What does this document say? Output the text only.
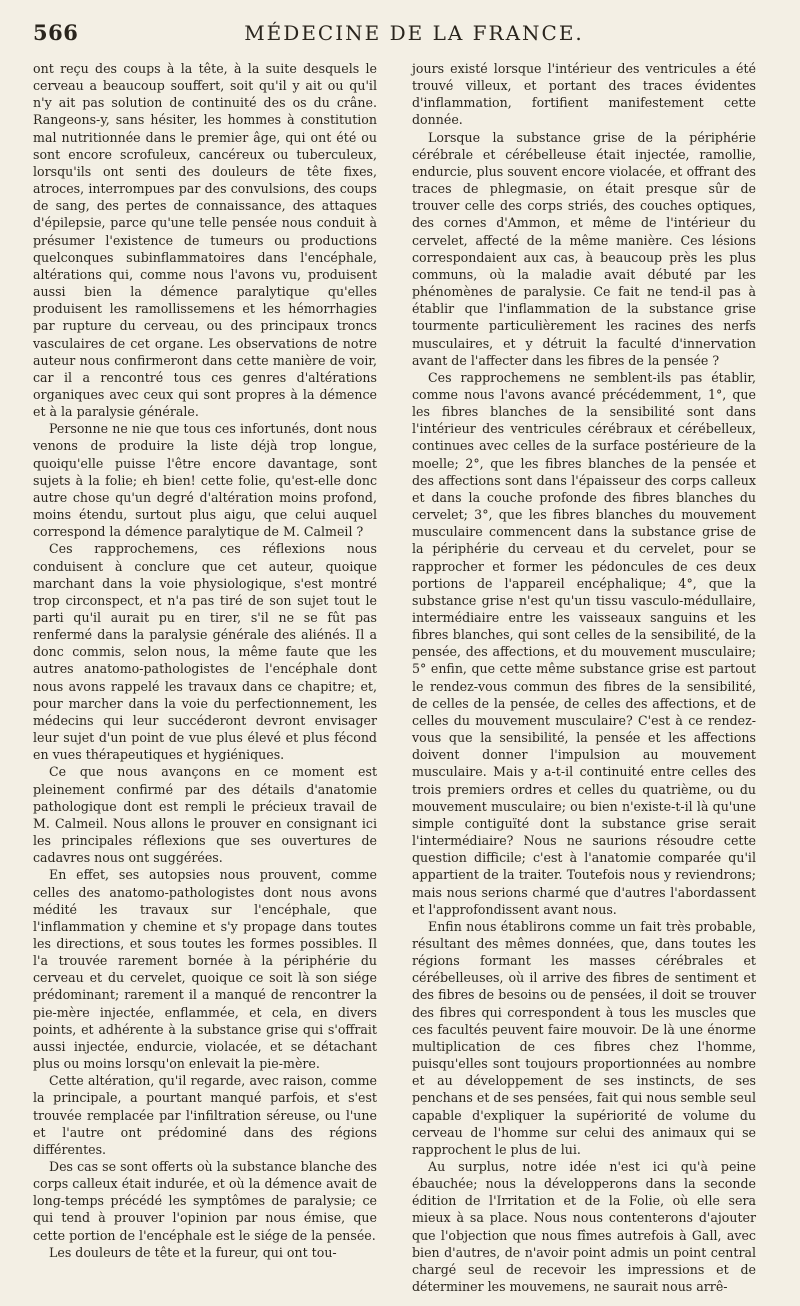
566	MÉDECINE DE LA FRANCE.

ont reçu des coups à la tête, à la suite desquels le cerveau a beaucoup souffert, soit qu'il y ait ou qu'il n'y ait pas solution de continuité des os du crâne. Rangeons-y, sans hésiter, les hommes à constitution mal nutritionnée dans le premier âge, qui ont été ou sont encore scrofuleux, cancéreux ou tuberculeux, lorsqu'ils ont senti des douleurs de tête fixes, atroces, interrompues par des convulsions, des coups de sang, des pertes de connaissance, des attaques d'épilepsie, parce qu'une telle pensée nous conduit à présumer l'existence de tumeurs ou productions quelconques subinflammatoires dans l'encéphale, altérations qui, comme nous l'avons vu, produisent aussi bien la démence paralytique qu'elles produisent les ramollissemens et les hémorrhagies par rupture du cerveau, ou des principaux troncs vasculaires de cet organe. Les observations de notre auteur nous confirmeront dans cette manière de voir, car il a rencontré tous ces genres d'altérations organiques avec ceux qui sont propres à la démence et à la paralysie générale.

Personne ne nie que tous ces infortunés, dont nous venons de produire la liste déjà trop longue, quoiqu'elle puisse l'être encore davantage, sont sujets à la folie; eh bien! cette folie, qu'est-elle donc autre chose qu'un degré d'altération moins profond, moins étendu, surtout plus aigu, que celui auquel correspond la démence paralytique de M. Calmeil ?

Ces rapprochemens, ces réflexions nous conduisent à conclure que cet auteur, quoique marchant dans la voie physiologique, s'est montré trop circonspect, et n'a pas tiré de son sujet tout le parti qu'il aurait pu en tirer, s'il ne se fût pas renfermé dans la paralysie générale des aliénés. Il a donc commis, selon nous, la même faute que les autres anatomo-pathologistes de l'encéphale dont nous avons rappelé les travaux dans ce chapitre; et, pour marcher dans la voie du perfectionnement, les médecins qui leur succéderont devront envisager leur sujet d'un point de vue plus élevé et plus fécond en vues thérapeutiques et hygiéniques.

Ce que nous avançons en ce moment est pleinement confirmé par des détails d'anatomie pathologique dont est rempli le précieux travail de M. Calmeil. Nous allons le prouver en consignant ici les principales réflexions que ses ouvertures de cadavres nous ont suggérées.

En effet, ses autopsies nous prouvent, comme celles des anatomo-pathologistes dont nous avons médité les travaux sur l'encéphale, que l'inflammation y chemine et s'y propage dans toutes les directions, et sous toutes les formes possibles. Il l'a trouvée rarement bornée à la périphérie du cerveau et du cervelet, quoique ce soit là son siége prédominant; rarement il a manqué de rencontrer la pie-mère injectée, enflammée, et cela, en divers points, et adhérente à la substance grise qui s'offrait aussi injectée, endurcie, violacée, et se détachant plus ou moins lorsqu'on enlevait la pie-mère.

Cette altération, qu'il regarde, avec raison, comme la principale, a pourtant manqué parfois, et s'est trouvée remplacée par l'infiltration séreuse, ou l'une et l'autre ont prédominé dans des régions différentes.

Des cas se sont offerts où la substance blanche des corps calleux était indurée, et où la démence avait de long-temps précédé les symptômes de paralysie; ce qui tend à prouver l'opinion par nous émise, que cette portion de l'encéphale est le siége de la pensée.

Les douleurs de tête et la fureur, qui ont tou-

jours existé lorsque l'intérieur des ventricules a été trouvé villeux, et portant des traces évidentes d'inflammation, fortifient manifestement cette donnée.

Lorsque la substance grise de la périphérie cérébrale et cérébelleuse était injectée, ramollie, endurcie, plus souvent encore violacée, et offrant des traces de phlegmasie, on était presque sûr de trouver celle des corps striés, des couches optiques, des cornes d'Ammon, et même de l'intérieur du cervelet, affecté de la même manière. Ces lésions correspondaient aux cas, à beaucoup près les plus communs, où la maladie avait débuté par les phénomènes de paralysie. Ce fait ne tend-il pas à établir que l'inflammation de la substance grise tourmente particulièrement les racines des nerfs musculaires, et y détruit la faculté d'innervation avant de l'affecter dans les fibres de la pensée ?

Ces rapprochemens ne semblent-ils pas établir, comme nous l'avons avancé précédemment, 1°, que les fibres blanches de la sensibilité sont dans l'intérieur des ventricules cérébraux et cérébelleux, continues avec celles de la surface postérieure de la moelle; 2°, que les fibres blanches de la pensée et des affections sont dans l'épaisseur des corps calleux et dans la couche profonde des fibres blanches du cervelet; 3°, que les fibres blanches du mouvement musculaire commencent dans la substance grise de la périphérie du cerveau et du cervelet, pour se rapprocher et former les pédoncules de ces deux portions de l'appareil encéphalique; 4°, que la substance grise n'est qu'un tissu vasculo-médullaire, intermédiaire entre les vaisseaux sanguins et les fibres blanches, qui sont celles de la sensibilité, de la pensée, des affections, et du mouvement musculaire; 5° enfin, que cette même substance grise est partout le rendez-vous commun des fibres de la sensibilité, de celles de la pensée, de celles des affections, et de celles du mouvement musculaire? C'est à ce rendez-vous que la sensibilité, la pensée et les affections doivent donner l'impulsion au mouvement musculaire. Mais y a-t-il continuité entre celles des trois premiers ordres et celles du quatrième, ou du mouvement musculaire; ou bien n'existe-t-il là qu'une simple contiguïté dont la substance grise serait l'intermédiaire? Nous ne saurions résoudre cette question difficile; c'est à l'anatomie comparée qu'il appartient de la traiter. Toutefois nous y reviendrons; mais nous serions charmé que d'autres l'abordassent et l'approfondissent avant nous.

Enfin nous établirons comme un fait très probable, résultant des mêmes données, que, dans toutes les régions formant les masses cérébrales et cérébelleuses, où il arrive des fibres de sentiment et des fibres de besoins ou de pensées, il doit se trouver des fibres qui correspondent à tous les muscles que ces facultés peuvent faire mouvoir. De là une énorme multiplication de ces fibres chez l'homme, puisqu'elles sont toujours proportionnées au nombre et au développement de ses instincts, de ses penchans et de ses pensées, fait qui nous semble seul capable d'expliquer la supériorité de volume du cerveau de l'homme sur celui des animaux qui se rapprochent le plus de lui.

Au surplus, notre idée n'est ici qu'à peine ébauchée; nous la développerons dans la seconde édition de l'Irritation et de la Folie, où elle sera mieux à sa place. Nous nous contenterons d'ajouter que l'objection que nous fîmes autrefois à Gall, avec bien d'autres, de n'avoir point admis un point central chargé seul de recevoir les impressions et de déterminer les mouvemens, ne saurait nous arrê-
